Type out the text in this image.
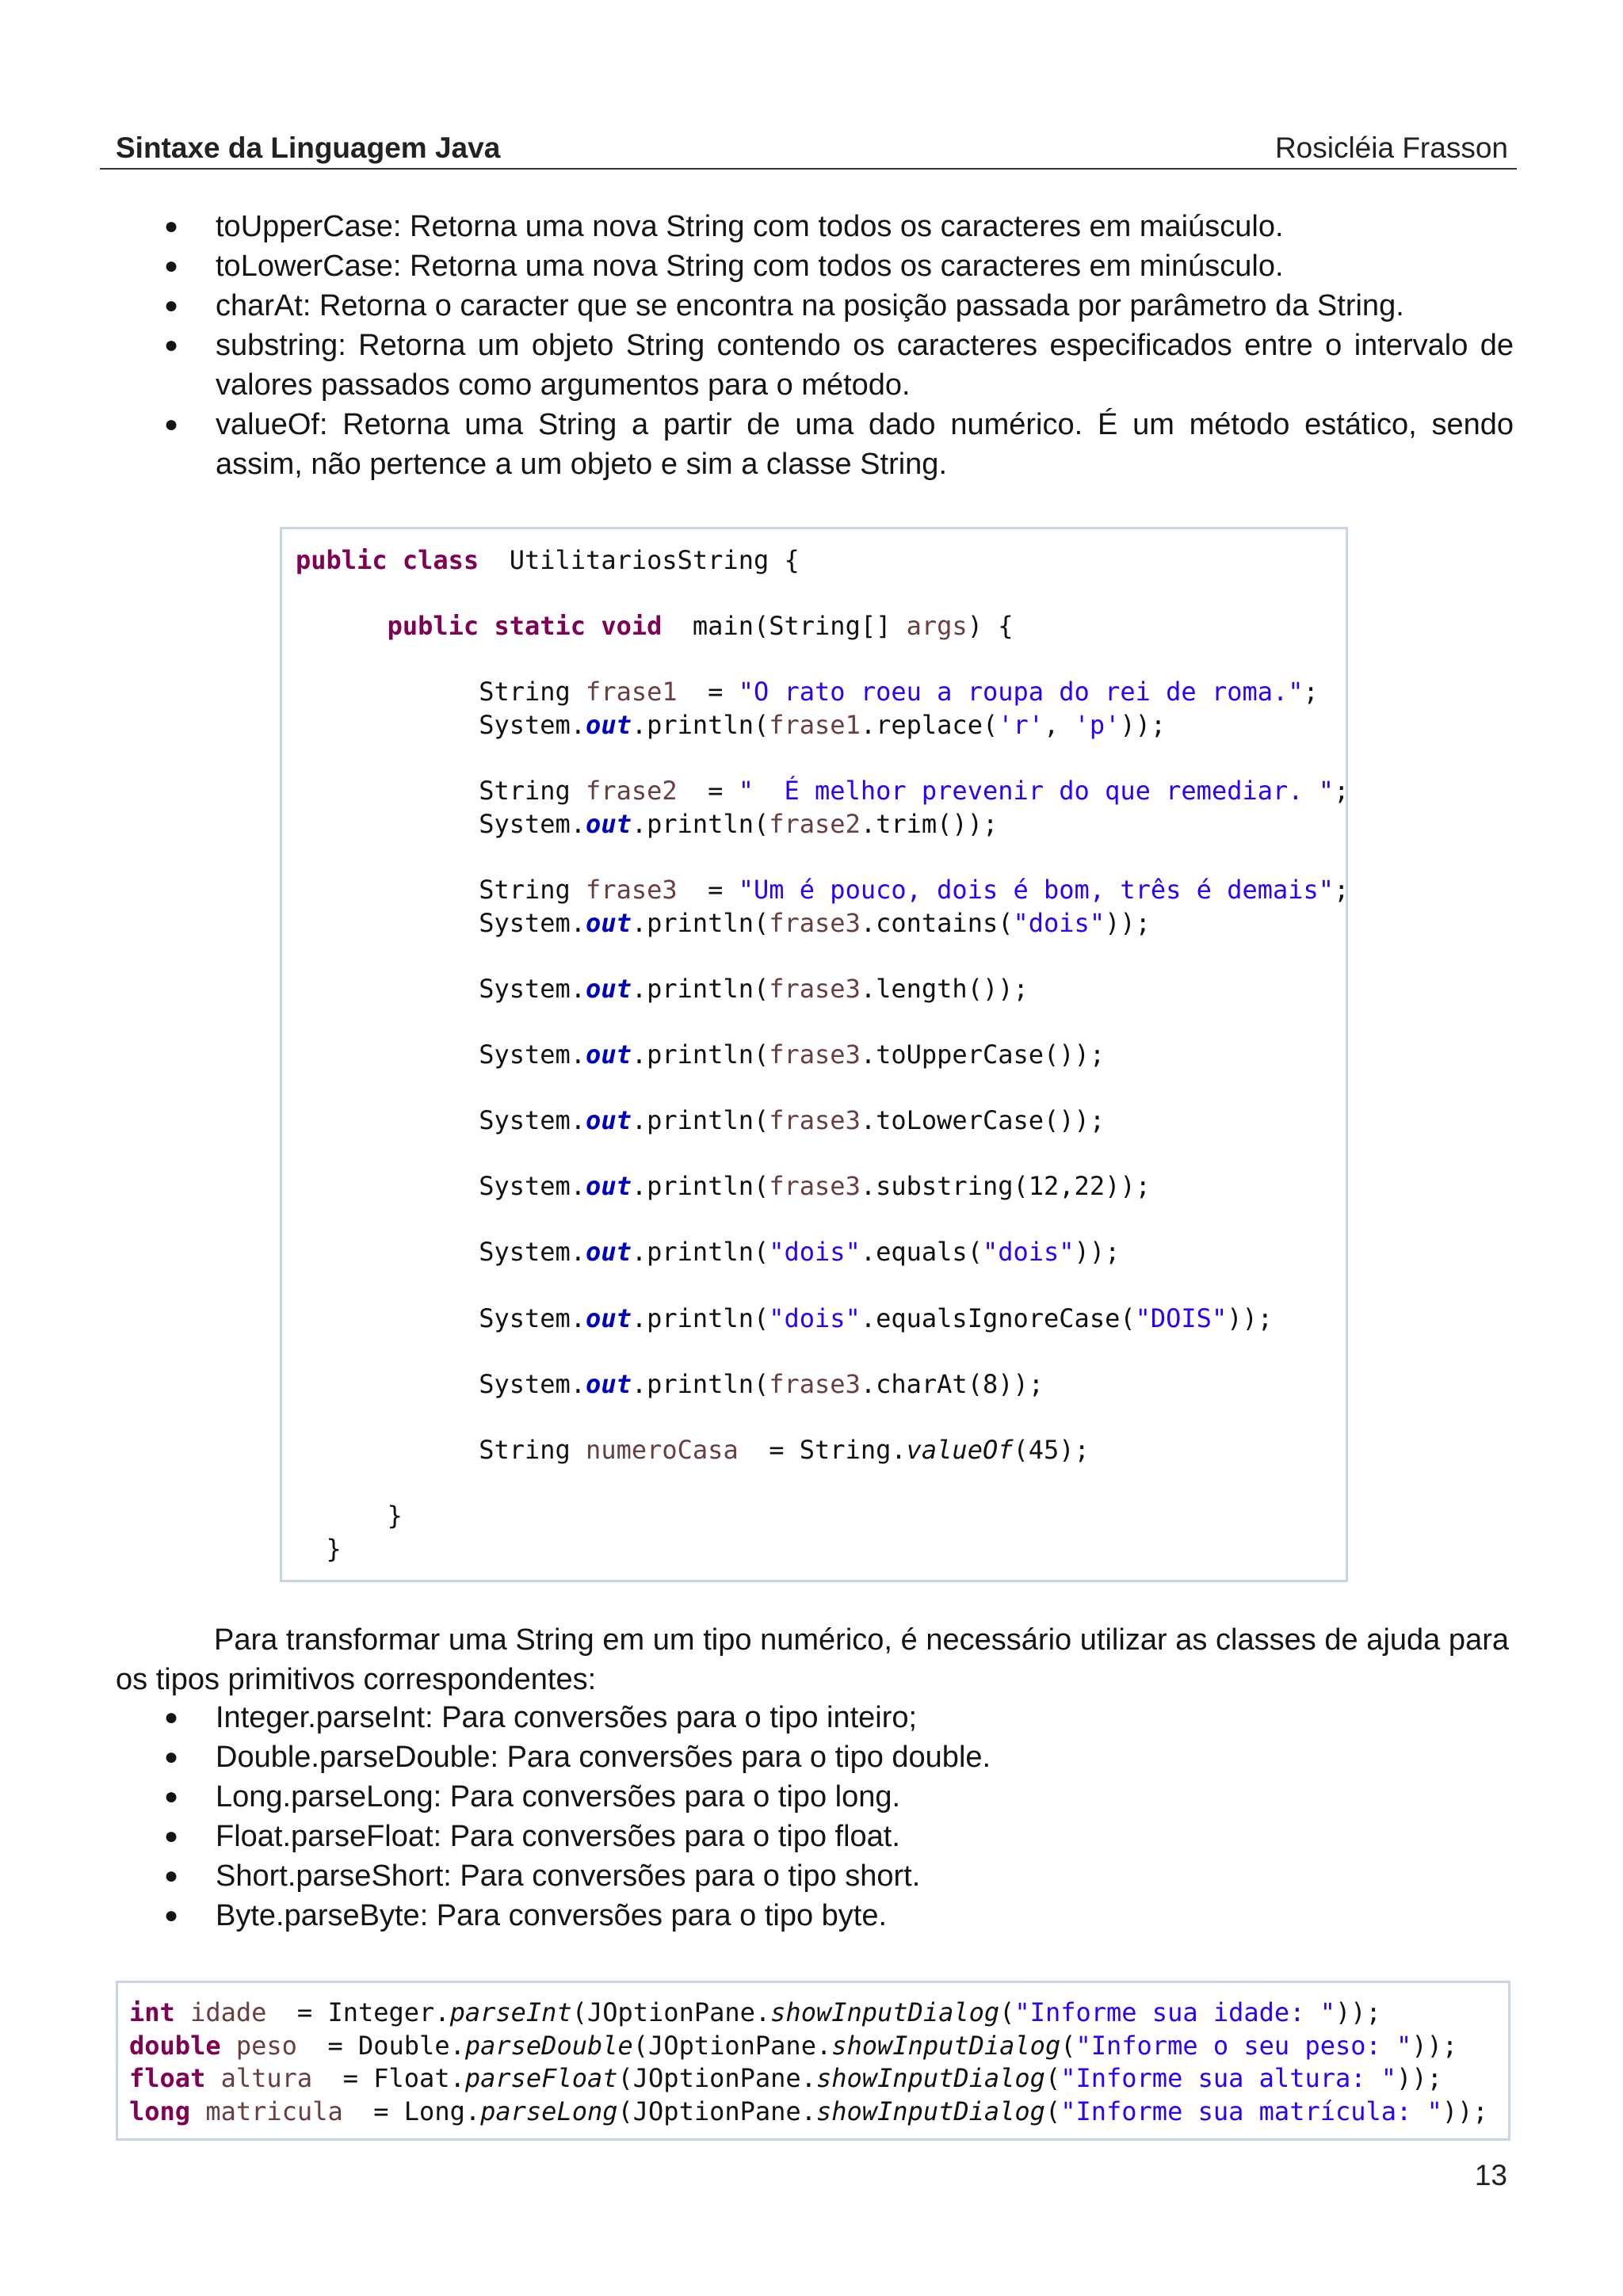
Sintaxe da Linguagem Java	Rosicléia Frasson
● toUpperCase: Retorna uma nova String com todos os caracteres em maiúsculo.
● toLowerCase: Retorna uma nova String com todos os caracteres em minúsculo.
● charAt: Retorna o caracter que se encontra na posição passada por parâmetro da String.
● substring: Retorna um objeto String contendo os caracteres especificados entre o intervalo de valores passados como argumentos para o método.
● valueOf: Retorna uma String a partir de uma dado numérico. É um método estático, sendo assim, não pertence a um objeto e sim a classe String.
public class  UtilitariosString {

public static void  main(String[] args) {

String frase1  = "O rato roeu a roupa do rei de roma.";
System.out.println(frase1.replace('r', 'p'));

String frase2  = "  É melhor prevenir do que remediar. ";
System.out.println(frase2.trim());

String frase3  = "Um é pouco, dois é bom, três é demais";
System.out.println(frase3.contains("dois"));

System.out.println(frase3.length());

System.out.println(frase3.toUpperCase());

System.out.println(frase3.toLowerCase());

System.out.println(frase3.substring(12,22));

System.out.println("dois".equals("dois"));

System.out.println("dois".equalsIgnoreCase("DOIS"));

System.out.println(frase3.charAt(8));

String numeroCasa  = String.valueOf(45);

}
}

Para transformar uma String em um tipo numérico, é necessário utilizar as classes de ajuda para os tipos primitivos correspondentes:

● Integer.parseInt: Para conversões para o tipo inteiro;
● Double.parseDouble: Para conversões para o tipo double.
● Long.parseLong: Para conversões para o tipo long.
● Float.parseFloat: Para conversões para o tipo float.
● Short.parseShort: Para conversões para o tipo short.
● Byte.parseByte: Para conversões para o tipo byte.
int idade  = Integer.parseInt(JOptionPane.showInputDialog("Informe sua idade: "));
double peso  = Double.parseDouble(JOptionPane.showInputDialog("Informe o seu peso: "));
float altura  = Float.parseFloat(JOptionPane.showInputDialog("Informe sua altura: "));
long matricula  = Long.parseLong(JOptionPane.showInputDialog("Informe sua matrícula: "));
13
